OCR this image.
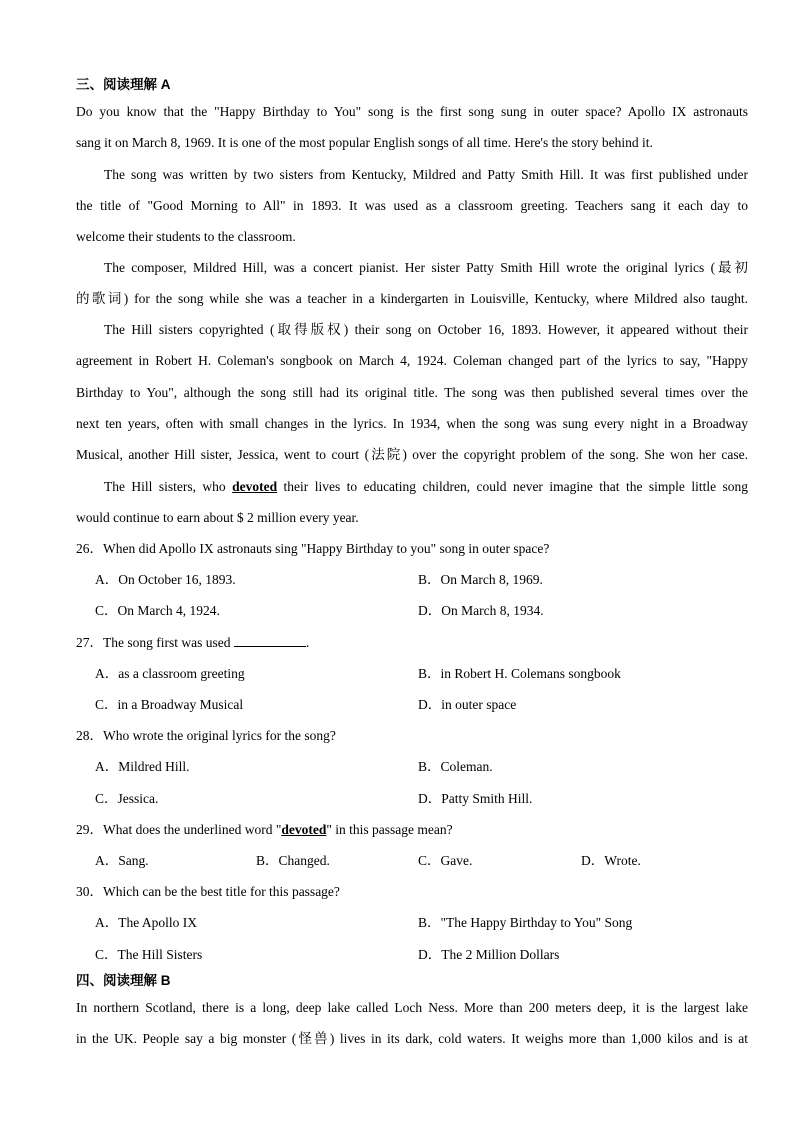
三、阅读理解 A
Do you know that the "Happy Birthday to You" song is the first song sung in outer space? Apollo IX astronauts
sang it on March 8, 1969. It is one of the most popular English songs of all time. Here's the story behind it.
The song was written by two sisters from Kentucky, Mildred and Patty Smith Hill. It was first published under
the title of "Good Morning to All" in 1893. It was used as a classroom greeting. Teachers sang it each day to
welcome their students to the classroom.
The composer, Mildred Hill, was a concert pianist. Her sister Patty Smith Hill wrote the original lyrics (最初
的歌词) for the song while she was a teacher in a kindergarten in Louisville, Kentucky, where Mildred also taught.
The Hill sisters copyrighted (取得版权) their song on October 16, 1893. However, it appeared without their
agreement in Robert H. Coleman's songbook on March 4, 1924. Coleman changed part of the lyrics to say, "Happy
Birthday to You", although the song still had its original title. The song was then published several times over the
next ten years, often with small changes in the lyrics. In 1934, when the song was sung every night in a Broadway
Musical, another Hill sister, Jessica, went to court (法院) over the copyright problem of the song. She won her case.
The Hill sisters, who devoted their lives to educating children, could never imagine that the simple little song
would continue to earn about $ 2 million every year.
26．When did Apollo IX astronauts sing "Happy Birthday to you" song in outer space?
A．On October 16, 1893.	B．On March 8, 1969.
C．On March 4, 1924.	D．On March 8, 1934.
27．The song first was used	.
A．as a classroom greeting	B．in Robert H. Colemans songbook
C．in a Broadway Musical	D．in outer space
28．Who wrote the original lyrics for the song?
A．Mildred Hill.	B．Coleman.
C．Jessica.	D．Patty Smith Hill.
29．What does the underlined word "devoted" in this passage mean?
A．Sang.	B．Changed.	C．Gave.	D．Wrote.
30．Which can be the best title for this passage?
A．The Apollo IX	B．"The Happy Birthday to You" Song
C．The Hill Sisters	D．The 2 Million Dollars
四、阅读理解 B
In northern Scotland, there is a long, deep lake called Loch Ness. More than 200 meters deep, it is the largest lake
in the UK. People say a big monster (怪兽) lives in its dark, cold waters. It weighs more than 1,000 kilos and is at
